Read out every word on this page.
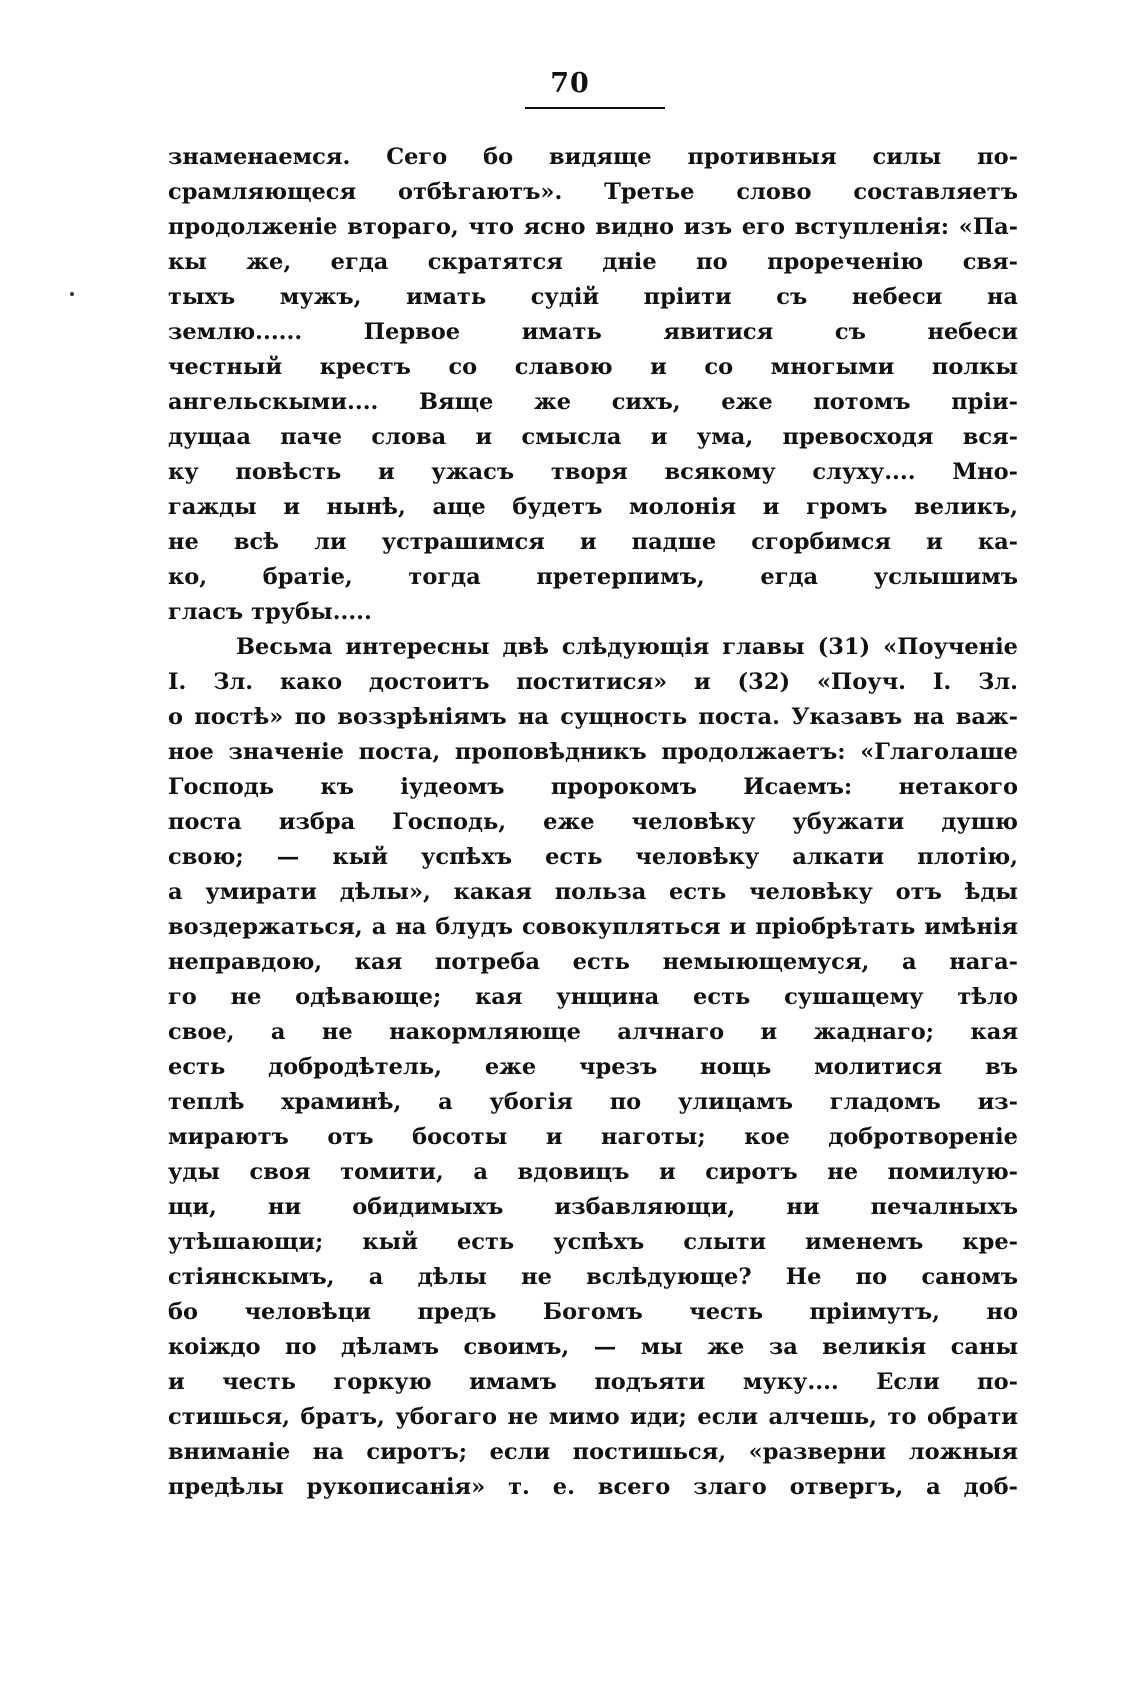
70
знаменаемся. Сего бо видяще противныя силы по-
срамляющеся отбѣгаютъ». Третье слово составляетъ
продолженіе втораго, что ясно видно изъ его вступленія: «Па-
кы же, егда скратятся дніе по прореченію свя-
тыхъ мужъ, имать судій пріити съ небеси на
землю...... Первое имать явитися съ небеси
честный крестъ со славою и со многыми полкы
ангельскыми.... Вяще же сихъ, еже потомъ пріи-
дущаа паче слова и смысла и ума, превосходя вся-
ку повѣсть и ужасъ творя всякому слуху.... Мно-
гажды и нынѣ, аще будетъ молонія и громъ великъ,
не всѣ ли устрашимся и падше сгорбимся и ка-
ко, братіе, тогда претерпимъ, егда услышимъ
гласъ трубы.....
Весьма интересны двѣ слѣдующія главы (31) «Поученіе
І. Зл. како достоитъ поститися» и (32) «Поуч. І. Зл.
о постѣ» по воззрѣніямъ на сущность поста. Указавъ на важ-
ное значеніе поста, проповѣдникъ продолжаетъ: «Глаголаше
Господь къ іудеомъ пророкомъ Исаемъ: нетакого
поста избра Господь, еже человѣку убужати душю
свою; — кый успѣхъ есть человѣку алкати плотію,
а умирати дѣлы», какая польза есть человѣку отъ ѣды
воздержаться, а на блудъ совокупляться и пріобрѣтать имѣнія
неправдою, кая потреба есть немыющемуся, а нага-
го не одѣвающе; кая унщина есть сушащему тѣло
свое, а не накормляюще алчнаго и жаднаго; кая
есть добродѣтель, еже чрезъ нощь молитися въ
теплѣ храминѣ, а убогія по улицамъ гладомъ из-
мираютъ отъ босоты и наготы; кое добротвореніе
уды своя томити, а вдовицъ и сиротъ не помилую-
щи, ни обидимыхъ избавляющи, ни печалныхъ
утѣшающи; кый есть успѣхъ слыти именемъ кре-
стіянскымъ, а дѣлы не вслѣдующе? Не по саномъ
бо человѣци предъ Богомъ честь пріимутъ, но
коiждо по дѣламъ своимъ, — мы же за великія саны
и честь горкую имамъ подъяти муку.... Если по-
стишься, братъ, убогаго не мимо иди; если алчешь, то обрати
вниманіе на сиротъ; если постишься, «разверни ложныя
предѣлы рукописанія» т. е. всего злаго отвергъ, а доб-
